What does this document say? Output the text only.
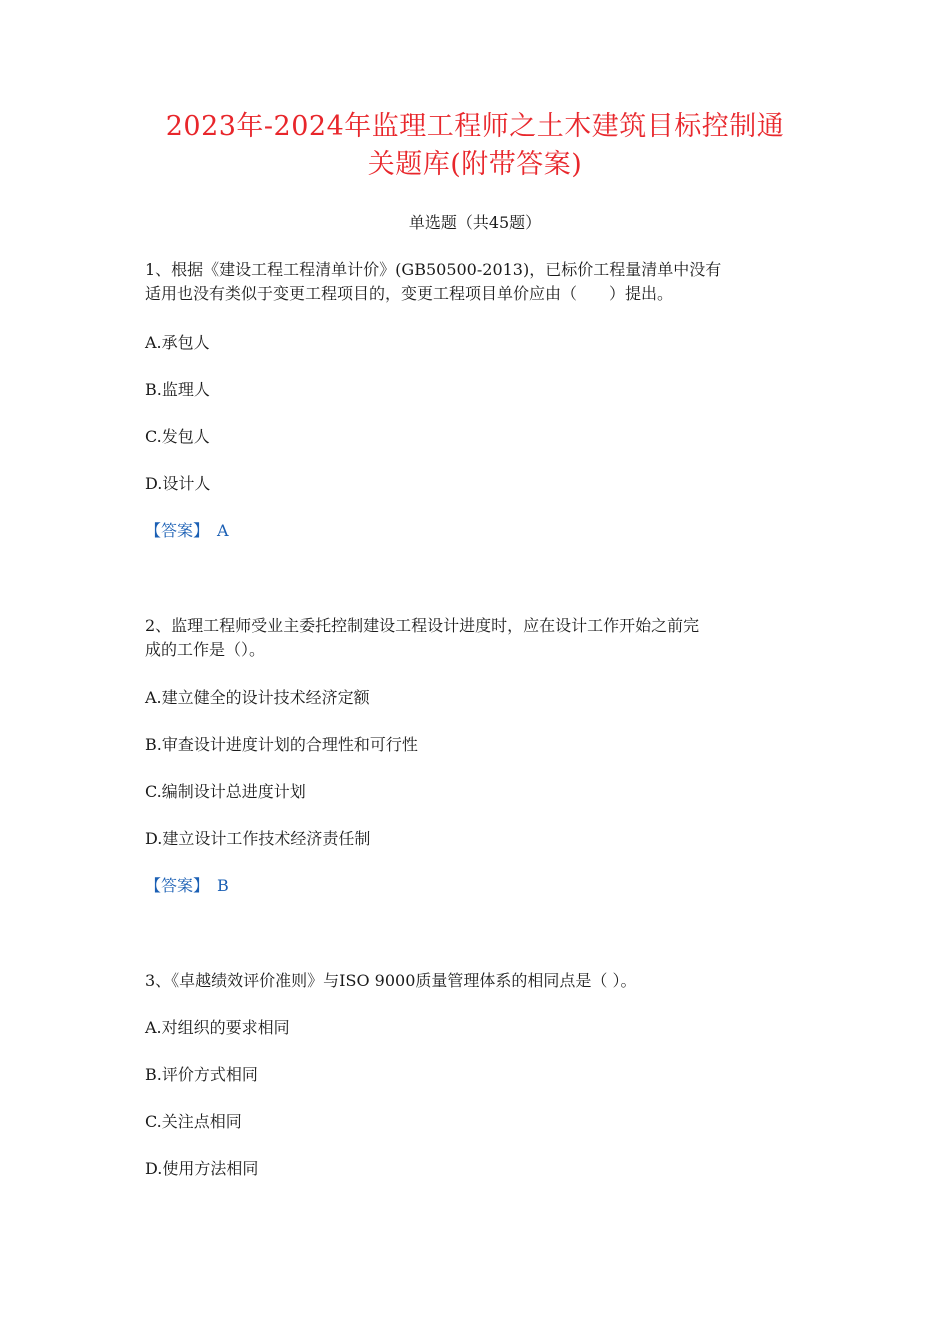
2023年-2024年监理工程师之土木建筑目标控制通
关题库(附带答案)
单选题（共45题）
1、根据《建设工程工程清单计价》(GB50500-2013)，已标价工程量清单中没有
适用也没有类似于变更工程项目的，变更工程项目单价应由（　　）提出。
A.承包人
B.监理人
C.发包人
D.设计人
【答案】 A
2、监理工程师受业主委托控制建设工程设计进度时，应在设计工作开始之前完
成的工作是（）。
A.建立健全的设计技术经济定额
B.审查设计进度计划的合理性和可行性
C.编制设计总进度计划
D.建立设计工作技术经济责任制
【答案】 B
3、《卓越绩效评价准则》与ISO 9000质量管理体系的相同点是（ ）。
A.对组织的要求相同
B.评价方式相同
C.关注点相同
D.使用方法相同
